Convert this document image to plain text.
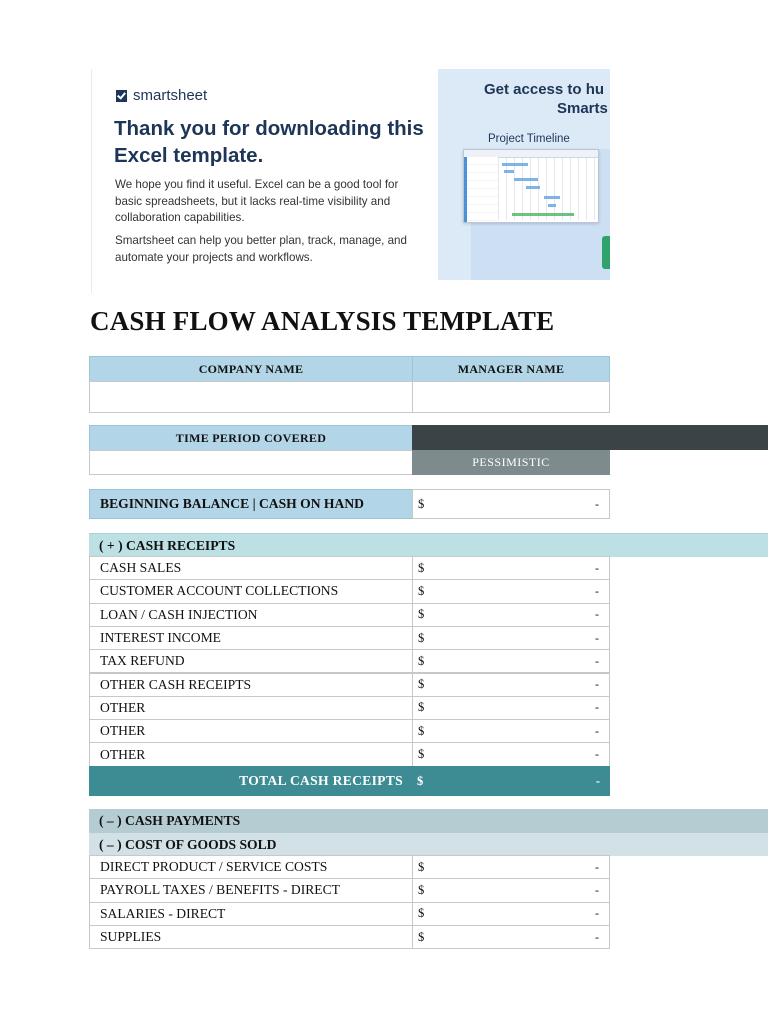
smartsheet
Thank you for downloading this Excel template.
We hope you find it useful. Excel can be a good tool for basic spreadsheets, but it lacks real-time visibility and collaboration capabilities.
Smartsheet can help you better plan, track, manage, and automate your projects and workflows.
Get access to hu
Smarts
Project Timeline
CASH FLOW ANALYSIS TEMPLATE
COMPANY NAME	MANAGER NAME
TIME PERIOD COVERED
PESSIMISTIC
BEGINNING BALANCE | CASH ON HAND	$	-
( + ) CASH RECEIPTS
CASH SALES	$	-
CUSTOMER ACCOUNT COLLECTIONS	$	-
LOAN / CASH INJECTION	$	-
INTEREST INCOME	$	-
TAX REFUND	$	-
OTHER CASH RECEIPTS	$	-
OTHER	$	-
OTHER	$	-
OTHER	$	-
TOTAL CASH RECEIPTS $	-
( – ) CASH PAYMENTS
( – ) COST OF GOODS SOLD
DIRECT PRODUCT / SERVICE COSTS	$	-
PAYROLL TAXES / BENEFITS - DIRECT	$	-
SALARIES - DIRECT	$	-
SUPPLIES	$	-
